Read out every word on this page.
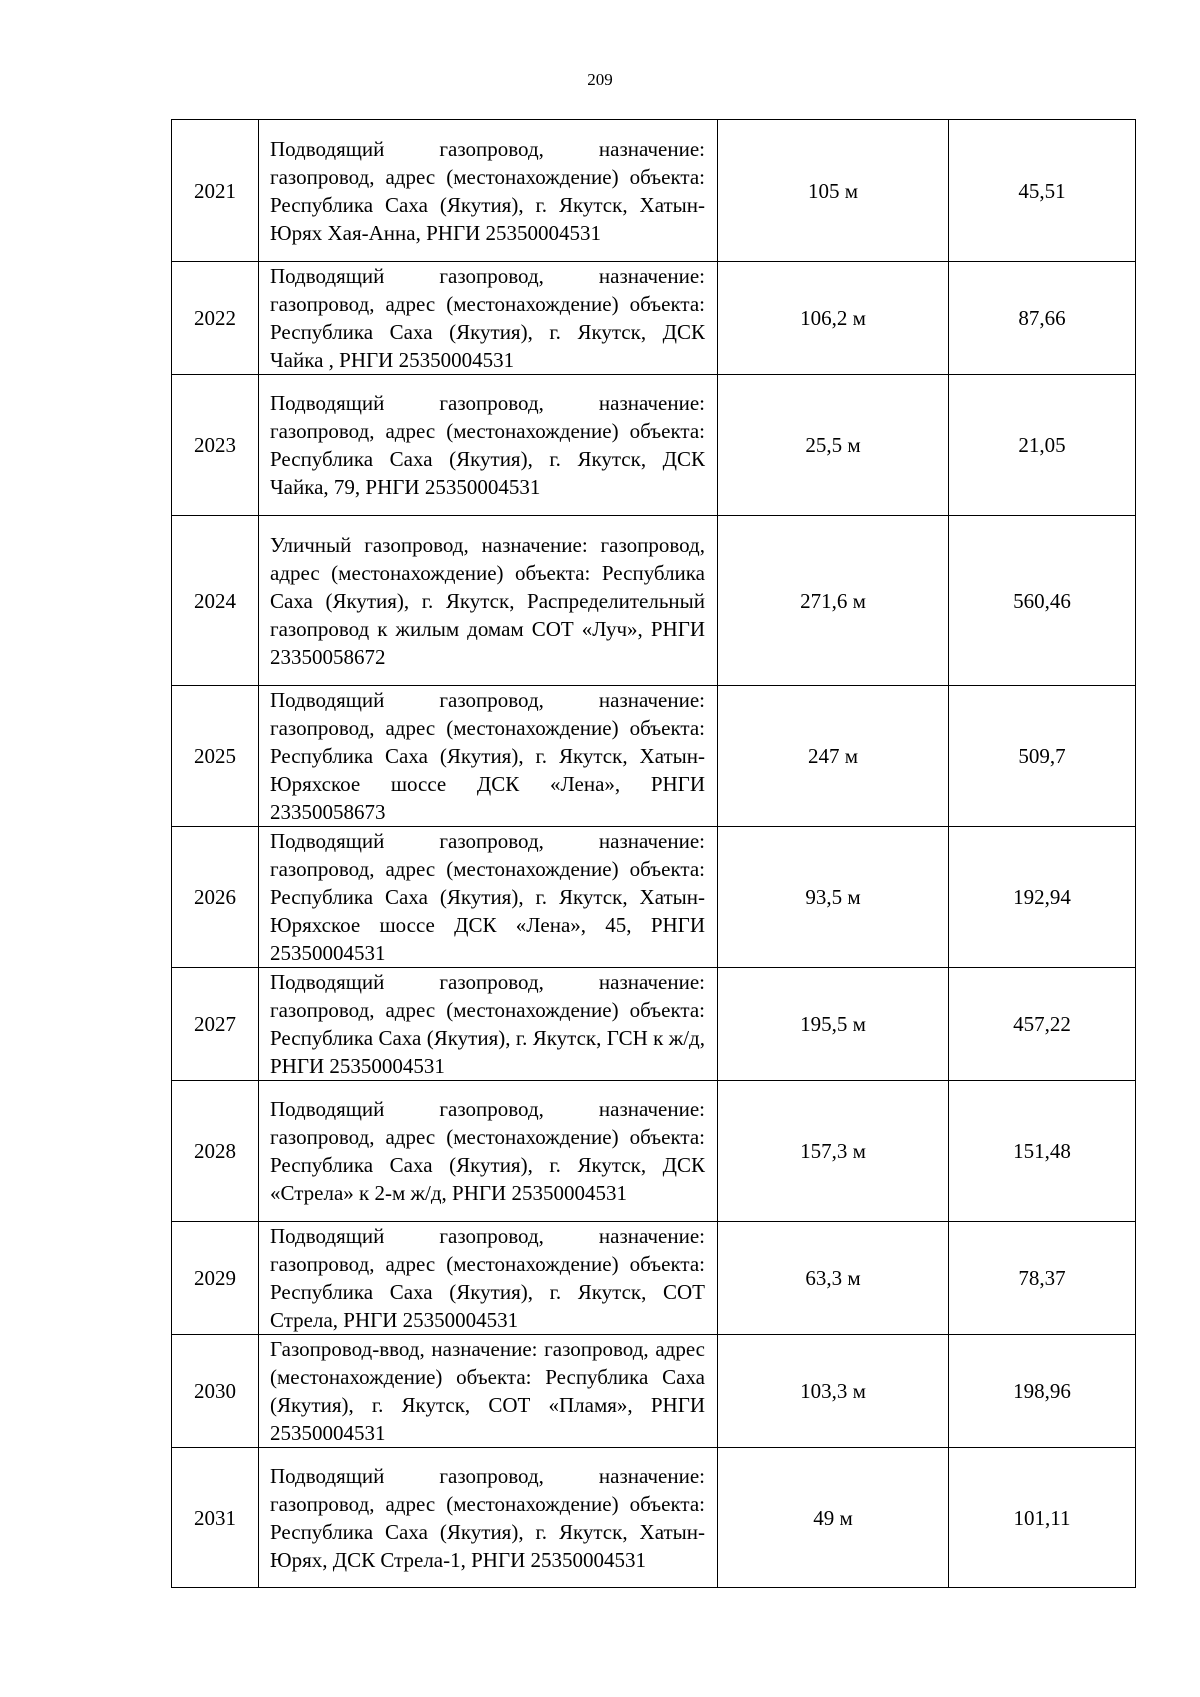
209
2021	Подводящий газопровод, назначение: газопровод, адрес (местонахождение) объекта: Республика Саха (Якутия), г. Якутск, Хатын-Юрях Хая-Анна, РНГИ 25350004531	105 м	45,51
2022	Подводящий газопровод, назначение: газопровод, адрес (местонахождение) объекта: Республика Саха (Якутия), г. Якутск, ДСК Чайка , РНГИ 25350004531	106,2 м	87,66
2023	Подводящий газопровод, назначение: газопровод, адрес (местонахождение) объекта: Республика Саха (Якутия), г. Якутск, ДСК Чайка, 79, РНГИ 25350004531	25,5 м	21,05
2024	Уличный газопровод, назначение: газопровод, адрес (местонахождение) объекта: Республика Саха (Якутия), г. Якутск, Распределительный газопровод к жилым домам СОТ «Луч», РНГИ 23350058672	271,6 м	560,46
2025	Подводящий газопровод, назначение: газопровод, адрес (местонахождение) объекта: Республика Саха (Якутия), г. Якутск, Хатын-Юряхское шоссе ДСК «Лена», РНГИ 23350058673	247 м	509,7
2026	Подводящий газопровод, назначение: газопровод, адрес (местонахождение) объекта: Республика Саха (Якутия), г. Якутск, Хатын-Юряхское шоссе ДСК «Лена», 45, РНГИ 25350004531	93,5 м	192,94
2027	Подводящий газопровод, назначение: газопровод, адрес (местонахождение) объекта: Республика Саха (Якутия), г. Якутск, ГСН к ж/д, РНГИ 25350004531	195,5 м	457,22
2028	Подводящий газопровод, назначение: газопровод, адрес (местонахождение) объекта: Республика Саха (Якутия), г. Якутск, ДСК «Стрела» к 2-м ж/д, РНГИ 25350004531	157,3 м	151,48
2029	Подводящий газопровод, назначение: газопровод, адрес (местонахождение) объекта: Республика Саха (Якутия), г. Якутск, СОТ Стрела, РНГИ 25350004531	63,3 м	78,37
2030	Газопровод-ввод, назначение: газопровод, адрес (местонахождение) объекта: Республика Саха (Якутия), г. Якутск, СОТ «Пламя», РНГИ 25350004531	103,3 м	198,96
2031	Подводящий газопровод, назначение: газопровод, адрес (местонахождение) объекта: Республика Саха (Якутия), г. Якутск, Хатын-Юрях, ДСК Стрела-1, РНГИ 25350004531	49 м	101,11
